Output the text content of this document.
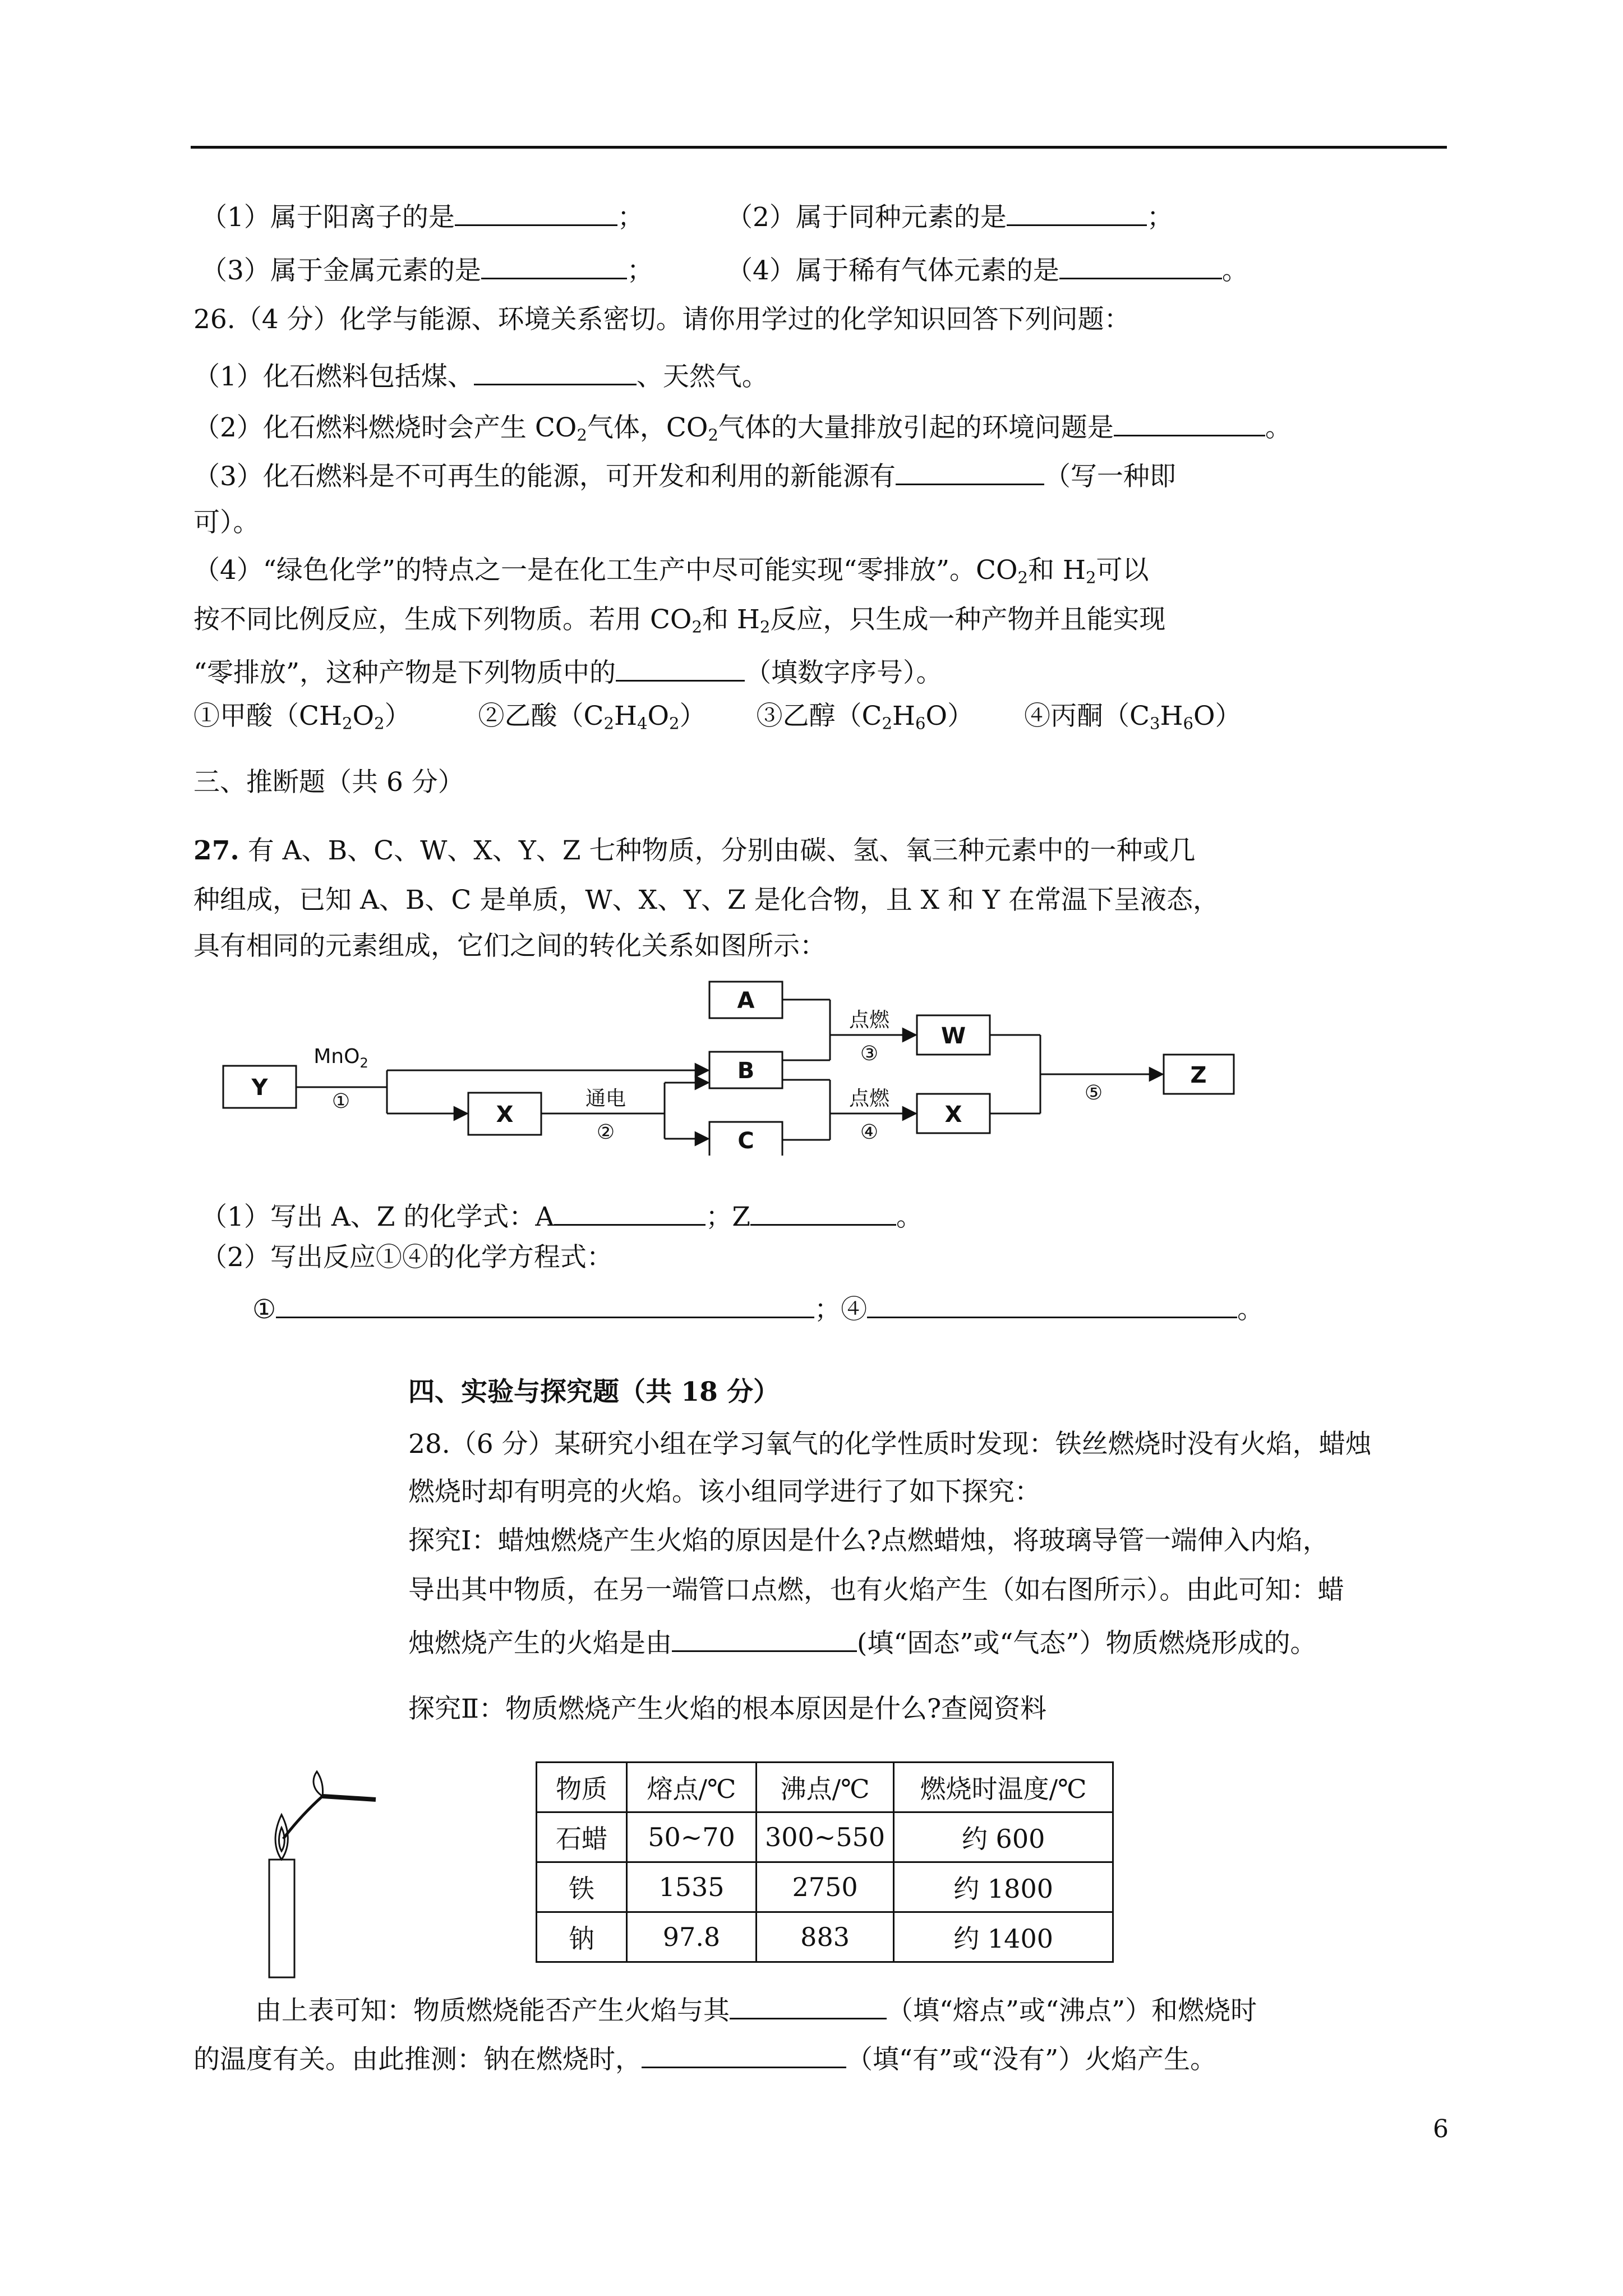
（1）属于阳离子的是	；	（2）属于同种元素的是	；
（3）属于金属元素的是	；	（4）属于稀有气体元素的是	。
26.（4 分）化学与能源、环境关系密切。请你用学过的化学知识回答下列问题：
（1）化石燃料包括煤、	、天然气。
（2）化石燃料燃烧时会产生 $CO_2$气体，$CO_2$气体的大量排放引起的环境问题是	。
（3）化石燃料是不可再生的能源，可开发和利用的新能源有	（写一种即
可）。
（4）“绿色化学”的特点之一是在化工生产中尽可能实现“零排放”。$CO_2$和 $H_2$可以
按不同比例反应，生成下列物质。若用 $CO_2$和 $H_2$反应，只生成一种产物并且能实现
“零排放”，这种产物是下列物质中的	（填数字序号）。
①甲酸$(CH_2O_2)$	②乙酸$(C_2H_4O_2)$ ③乙醇$(C_2H_6O)$ ④丙酮$(C_3H_6O)$
三、推断题（共 6 分）
27. 有 A、B、C、W、X、Y、Z 七种物质，分别由碳、氢、氧三种元素中的一种或几
种组成，已知 A、B、C 是单质，W、X、Y、Z 是化合物，且 X 和 Y 在常温下呈液态，
具有相同的元素组成，它们之间的转化关系如图所示：
Y
X
A
B
C
W
X
Z
MnO$_2$
①	通电
②
点燃
③
点燃
④
⑤
（1）写出 A、Z 的化学式：A	；Z	。
（2）写出反应①④的化学方程式：
①	；④	。
四、实验与探究题（共 18 分）
28.（6 分）某研究小组在学习氧气的化学性质时发现：铁丝燃烧时没有火焰，蜡烛
燃烧时却有明亮的火焰。该小组同学进行了如下探究：
探究Ⅰ：蜡烛燃烧产生火焰的原因是什么?点燃蜡烛，将玻璃导管一端伸入内焰，
导出其中物质，在另一端管口点燃，也有火焰产生（如右图所示）。由此可知：蜡
烛燃烧产生的火焰是由	(填“固态”或“气态”）物质燃烧形成的。
探究Ⅱ：物质燃烧产生火焰的根本原因是什么?查阅资料
物质	熔点/℃	沸点/℃	燃烧时温度/℃
石蜡	50~70	300~550	约 600
铁	1535	2750	约 1800
钠	97.8	883	约 1400
由上表可知：物质燃烧能否产生火焰与其	（填“熔点”或“沸点”）和燃烧时
的温度有关。由此推测：钠在燃烧时，	（填“有”或“没有”）火焰产生。
6
